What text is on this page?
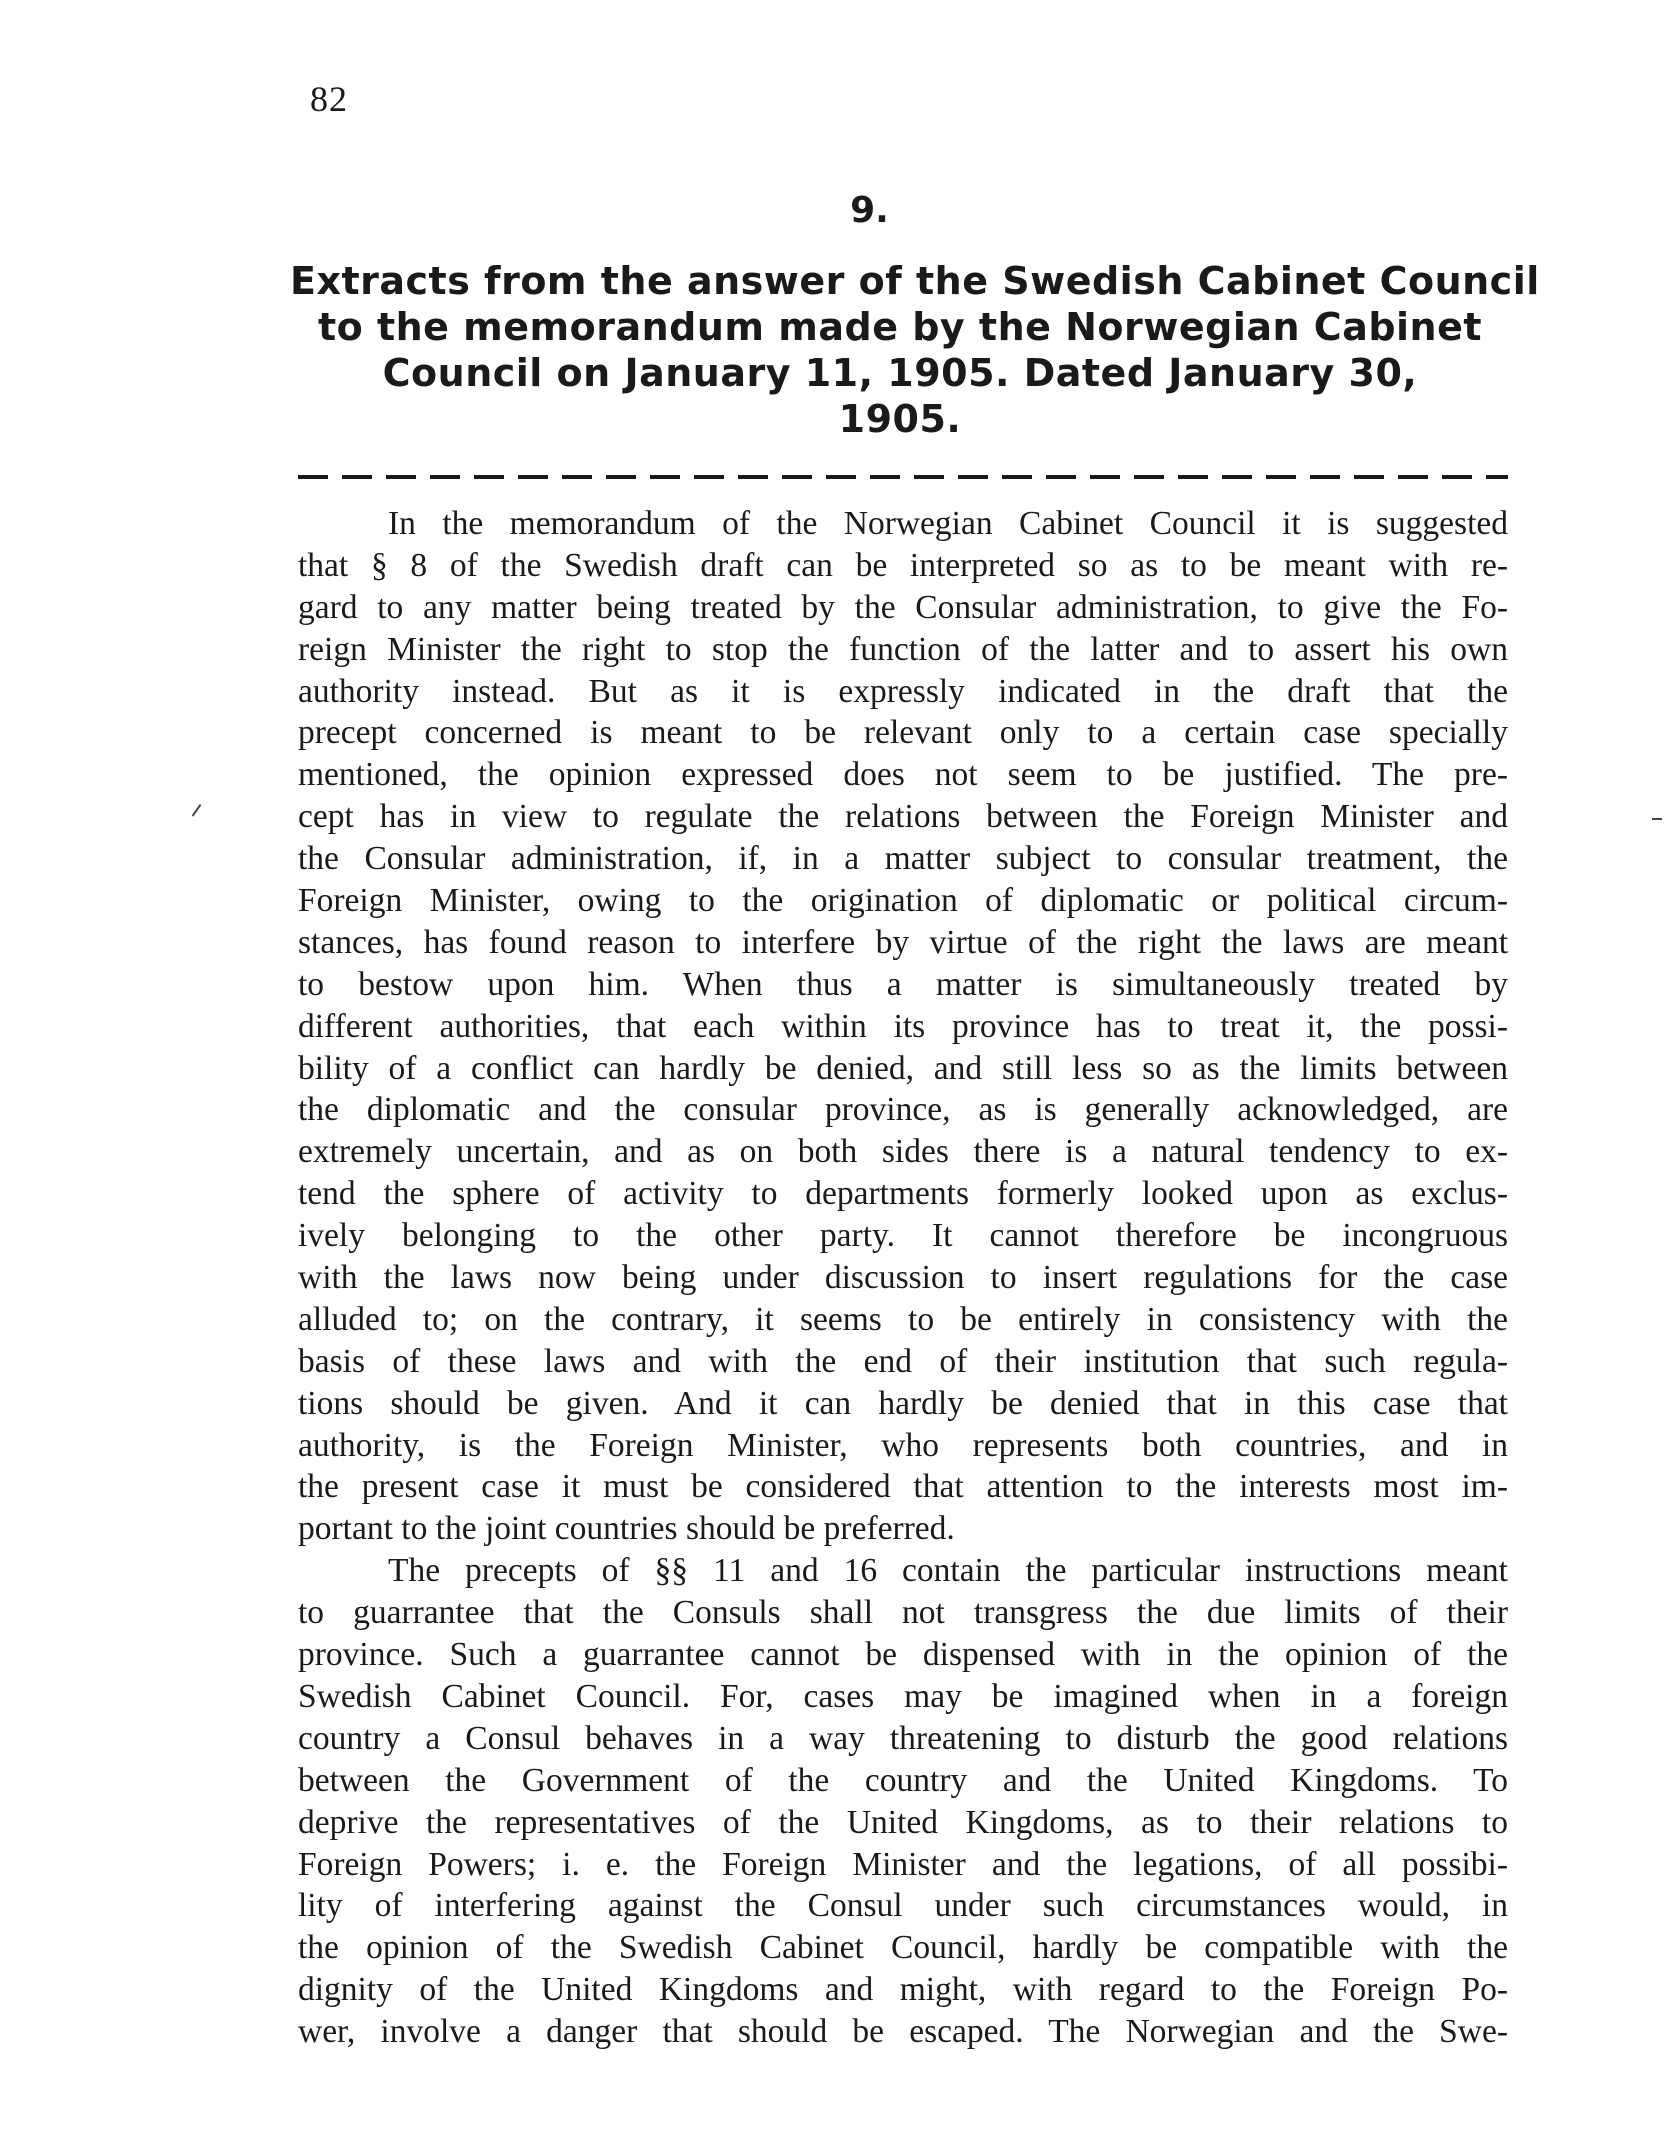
82
9.
Extracts from the answer of the Swedish Cabinet Council
to the memorandum made by the Norwegian Cabinet
Council on January 11, 1905. Dated January 30,
1905.
In the memorandum of the Norwegian Cabinet Council it is suggested
that § 8 of the Swedish draft can be interpreted so as to be meant with re-
gard to any matter being treated by the Consular administration, to give the Fo-
reign Minister the right to stop the function of the latter and to assert his own
authority instead. But as it is expressly indicated in the draft that the
precept concerned is meant to be relevant only to a certain case specially
mentioned, the opinion expressed does not seem to be justified. The pre-
cept has in view to regulate the relations between the Foreign Minister and
the Consular administration, if, in a matter subject to consular treatment, the
Foreign Minister, owing to the origination of diplomatic or political circum-
stances, has found reason to interfere by virtue of the right the laws are meant
to bestow upon him. When thus a matter is simultaneously treated by
different authorities, that each within its province has to treat it, the possi-
bility of a conflict can hardly be denied, and still less so as the limits between
the diplomatic and the consular province, as is generally acknowledged, are
extremely uncertain, and as on both sides there is a natural tendency to ex-
tend the sphere of activity to departments formerly looked upon as exclus-
ively belonging to the other party. It cannot therefore be incongruous
with the laws now being under discussion to insert regulations for the case
alluded to; on the contrary, it seems to be entirely in consistency with the
basis of these laws and with the end of their institution that such regula-
tions should be given. And it can hardly be denied that in this case that
authority, is the Foreign Minister, who represents both countries, and in
the present case it must be considered that attention to the interests most im-
portant to the joint countries should be preferred.
The precepts of §§ 11 and 16 contain the particular instructions meant
to guarrantee that the Consuls shall not transgress the due limits of their
province. Such a guarrantee cannot be dispensed with in the opinion of the
Swedish Cabinet Council. For, cases may be imagined when in a foreign
country a Consul behaves in a way threatening to disturb the good relations
between the Government of the country and the United Kingdoms. To
deprive the representatives of the United Kingdoms, as to their relations to
Foreign Powers; i. e. the Foreign Minister and the legations, of all possibi-
lity of interfering against the Consul under such circumstances would, in
the opinion of the Swedish Cabinet Council, hardly be compatible with the
dignity of the United Kingdoms and might, with regard to the Foreign Po-
wer, involve a danger that should be escaped. The Norwegian and the Swe-
